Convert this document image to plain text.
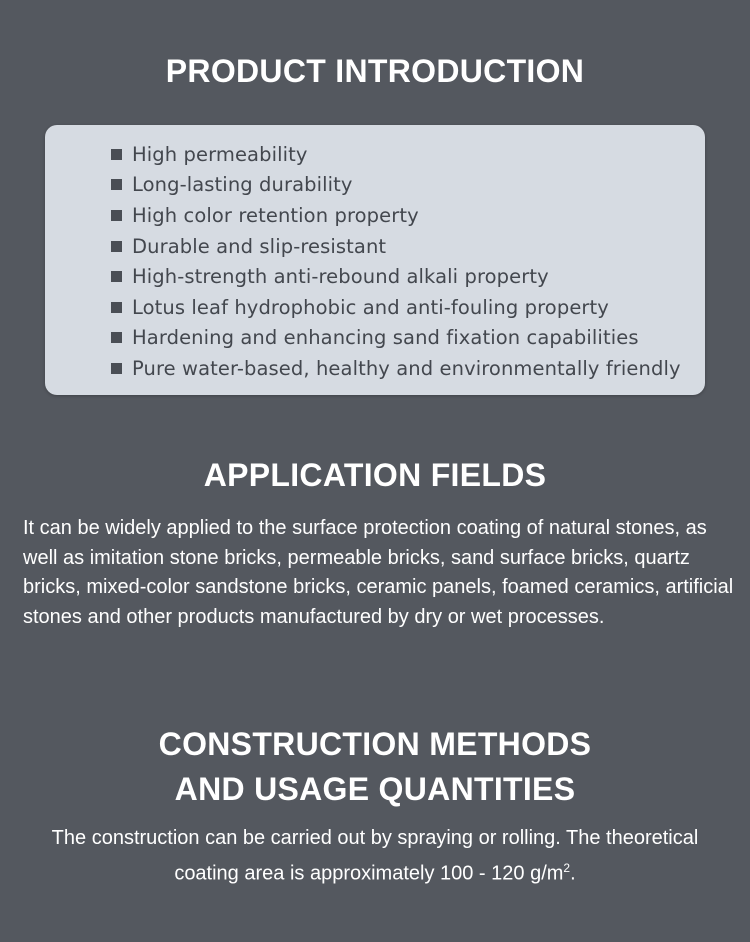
PRODUCT INTRODUCTION
High permeability
Long-lasting durability
High color retention property
Durable and slip-resistant
High-strength anti-rebound alkali property
Lotus leaf hydrophobic and anti-fouling property
Hardening and enhancing sand fixation capabilities
Pure water-based, healthy and environmentally friendly
APPLICATION FIELDS

It can be widely applied to the surface protection coating of natural stones, as well as imitation stone bricks, permeable bricks, sand surface bricks, quartz bricks, mixed-color sandstone bricks, ceramic panels, foamed ceramics, artificial stones and other products manufactured by dry or wet processes.

CONSTRUCTION METHODS
AND USAGE QUANTITIES

The construction can be carried out by spraying or rolling. The theoretical coating area is approximately 100 - 120 $g/m^2$.
